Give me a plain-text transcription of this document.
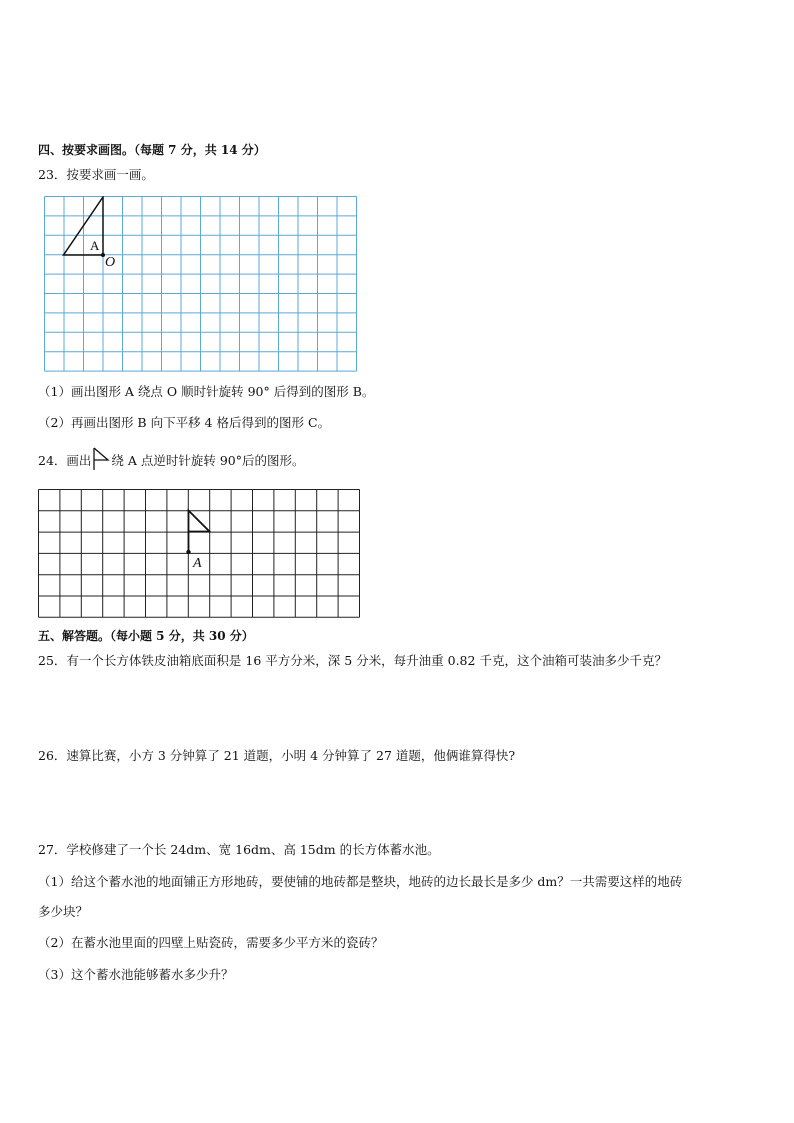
四、按要求画图。（每题 7 分，共 14 分）
23．按要求画一画。
A
O
（1）画出图形 A 绕点 O 顺时针旋转 90° 后得到的图形 B。
（2）再画出图形 B 向下平移 4 格后得到的图形 C。
24．画出 绕 A 点逆时针旋转 90°后的图形。
A
五、解答题。（每小题 5 分，共 30 分）
25．有一个长方体铁皮油箱底面积是 16 平方分米，深 5 分米，每升油重 0.82 千克，这个油箱可装油多少千克？
26．速算比赛，小方 3 分钟算了 21 道题，小明 4 分钟算了 27 道题，他俩谁算得快?
27．学校修建了一个长 24dm、宽 16dm、高 15dm 的长方体蓄水池。
（1）给这个蓄水池的地面铺正方形地砖，要使铺的地砖都是整块，地砖的边长最长是多少 dm？一共需要这样的地砖
多少块？
（2）在蓄水池里面的四壁上贴瓷砖，需要多少平方米的瓷砖？
（3）这个蓄水池能够蓄水多少升？
